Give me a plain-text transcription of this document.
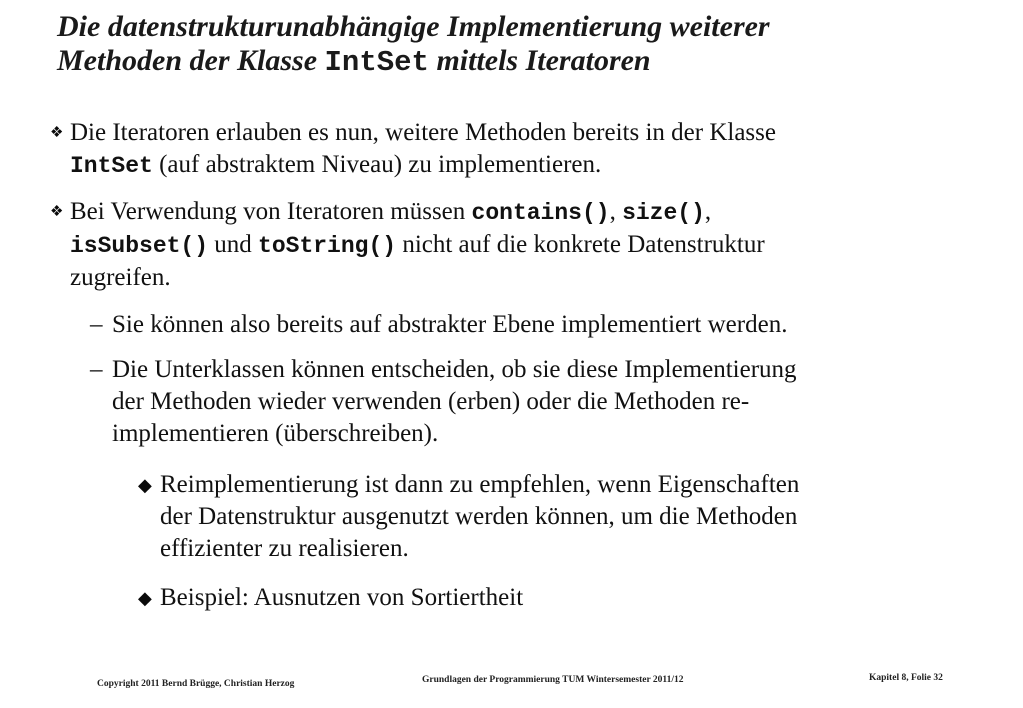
Die datenstrukturunabhängige Implementierung weiterer
Methoden der Klasse IntSet mittels Iteratoren
❖ Die Iteratoren erlauben es nun, weitere Methoden bereits in der Klasse
IntSet (auf abstraktem Niveau) zu implementieren.
❖ Bei Verwendung von Iteratoren müssen contains(), size(),
isSubset() und toString() nicht auf die konkrete Datenstruktur
zugreifen.
– Sie können also bereits auf abstrakter Ebene implementiert werden.
– Die Unterklassen können entscheiden, ob sie diese Implementierung
der Methoden wieder verwenden (erben) oder die Methoden re-
implementieren (überschreiben).
◆ Reimplementierung ist dann zu empfehlen, wenn Eigenschaften
der Datenstruktur ausgenutzt werden können, um die Methoden
effizienter zu realisieren.
◆ Beispiel: Ausnutzen von Sortiertheit
Copyright 2011 Bernd Brügge, Christian Herzog	Grundlagen der Programmierung TUM Wintersemester 2011/12	Kapitel 8, Folie 32
